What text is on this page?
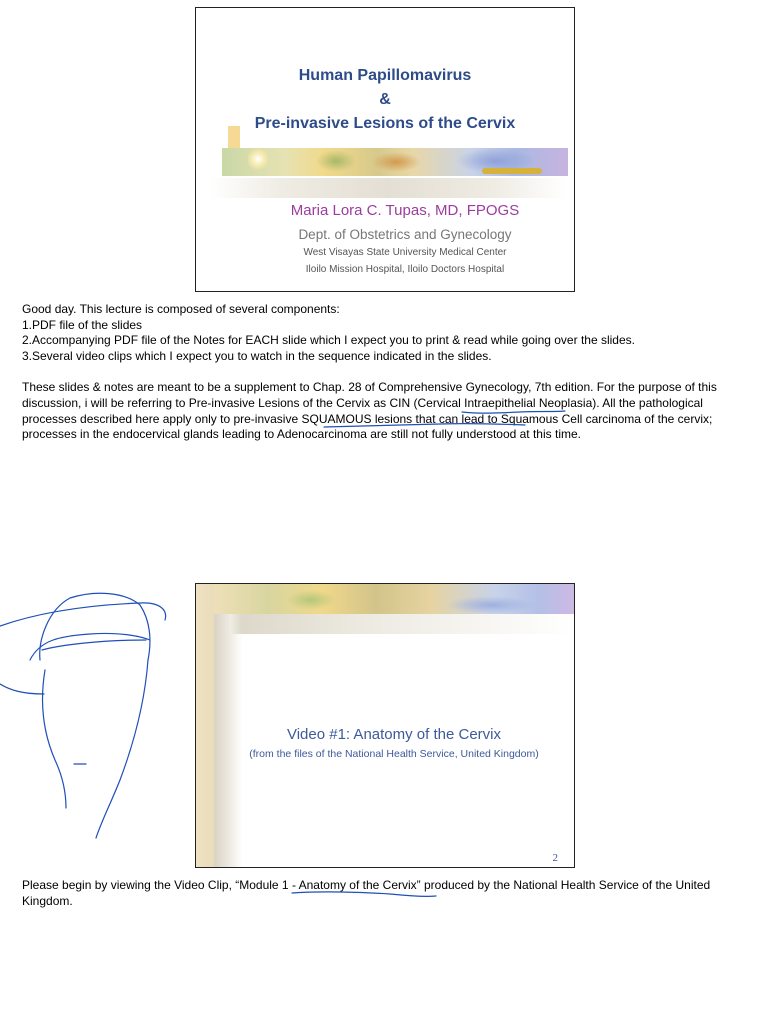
Human Papillomavirus
&
Pre-invasive Lesions of the Cervix
Maria Lora C. Tupas, MD, FPOGS
Dept. of Obstetrics and Gynecology
West Visayas State University Medical Center
Iloilo Mission Hospital, Iloilo Doctors Hospital

Good day. This lecture is composed of several components:

1.PDF file of the slides

2.Accompanying PDF file of the Notes for EACH slide which I expect you to print & read while going over the slides.

3.Several video clips which I expect you to watch in the sequence indicated in the slides.

These slides & notes are meant to be a supplement to Chap. 28 of Comprehensive Gynecology, 7th edition. For the purpose of this discussion, i will be referring to Pre-invasive Lesions of the Cervix as CIN (Cervical Intraepithelial Neoplasia). All the pathological processes described here apply only to pre-invasive SQUAMOUS lesions that can lead to Squamous Cell carcinoma of the cervix; processes in the endocervical glands leading to Adenocarcinoma are still not fully understood at this time.

Video #1: Anatomy of the Cervix
(from the files of the National Health Service, United Kingdom)
2

Please begin by viewing the Video Clip, “Module 1 - Anatomy of the Cervix” produced by the National Health Service of the United Kingdom.
